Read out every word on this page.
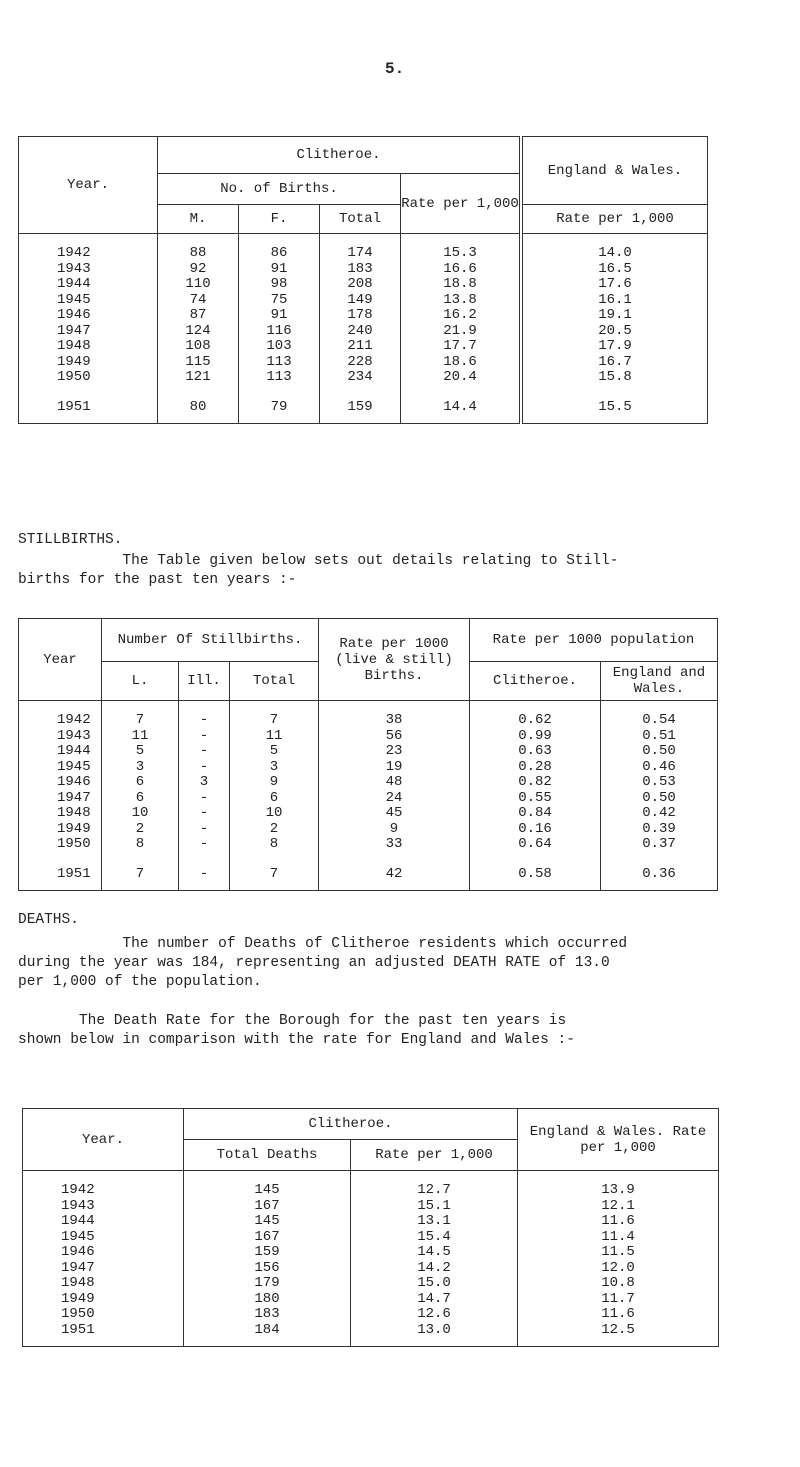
5.
Year.	Clitheroe.				England & Wales.
	No. of Births.			Rate per 1,000	
	M.	F.	Total		Rate per 1,000
1942	88	86	174	15.3	14.0
1943	92	91	183	16.6	16.5
1944	110	98	208	18.8	17.6
1945	74	75	149	13.8	16.1
1946	87	91	178	16.2	19.1
1947	124	116	240	21.9	20.5
1948	108	103	211	17.7	17.9
1949	115	113	228	18.6	16.7
1950	121	113	234	20.4	15.8
1951	80	79	159	14.4	15.5
STILLBIRTHS.
The Table given below sets out details relating to Still-
births for the past ten years :-
Year	Number Of Stillbirths.			Rate per 1000 (live & still) Births.	Rate per 1000 population	
	L.	Ill.	Total		Clitheroe.	England and Wales.
1942	7	-	7	38	0.62	0.54
1943	11	-	11	56	0.99	0.51
1944	5	-	5	23	0.63	0.50
1945	3	-	3	19	0.28	0.46
1946	6	3	9	48	0.82	0.53
1947	6	-	6	24	0.55	0.50
1948	10	-	10	45	0.84	0.42
1949	2	-	2	9	0.16	0.39
1950	8	-	8	33	0.64	0.37
1951	7	-	7	42	0.58	0.36
DEATHS.
The number of Deaths of Clitheroe residents which occurred
during the year was 184, representing an adjusted DEATH RATE of 13.0
per 1,000 of the population.
The Death Rate for the Borough for the past ten years is
shown below in comparison with the rate for England and Wales :-
Year.	Clitheroe.		England & Wales. Rate per 1,000
	Total Deaths	Rate per 1,000	
1942	145	12.7	13.9
1943	167	15.1	12.1
1944	145	13.1	11.6
1945	167	15.4	11.4
1946	159	14.5	11.5
1947	156	14.2	12.0
1948	179	15.0	10.8
1949	180	14.7	11.7
1950	183	12.6	11.6
1951	184	13.0	12.5
